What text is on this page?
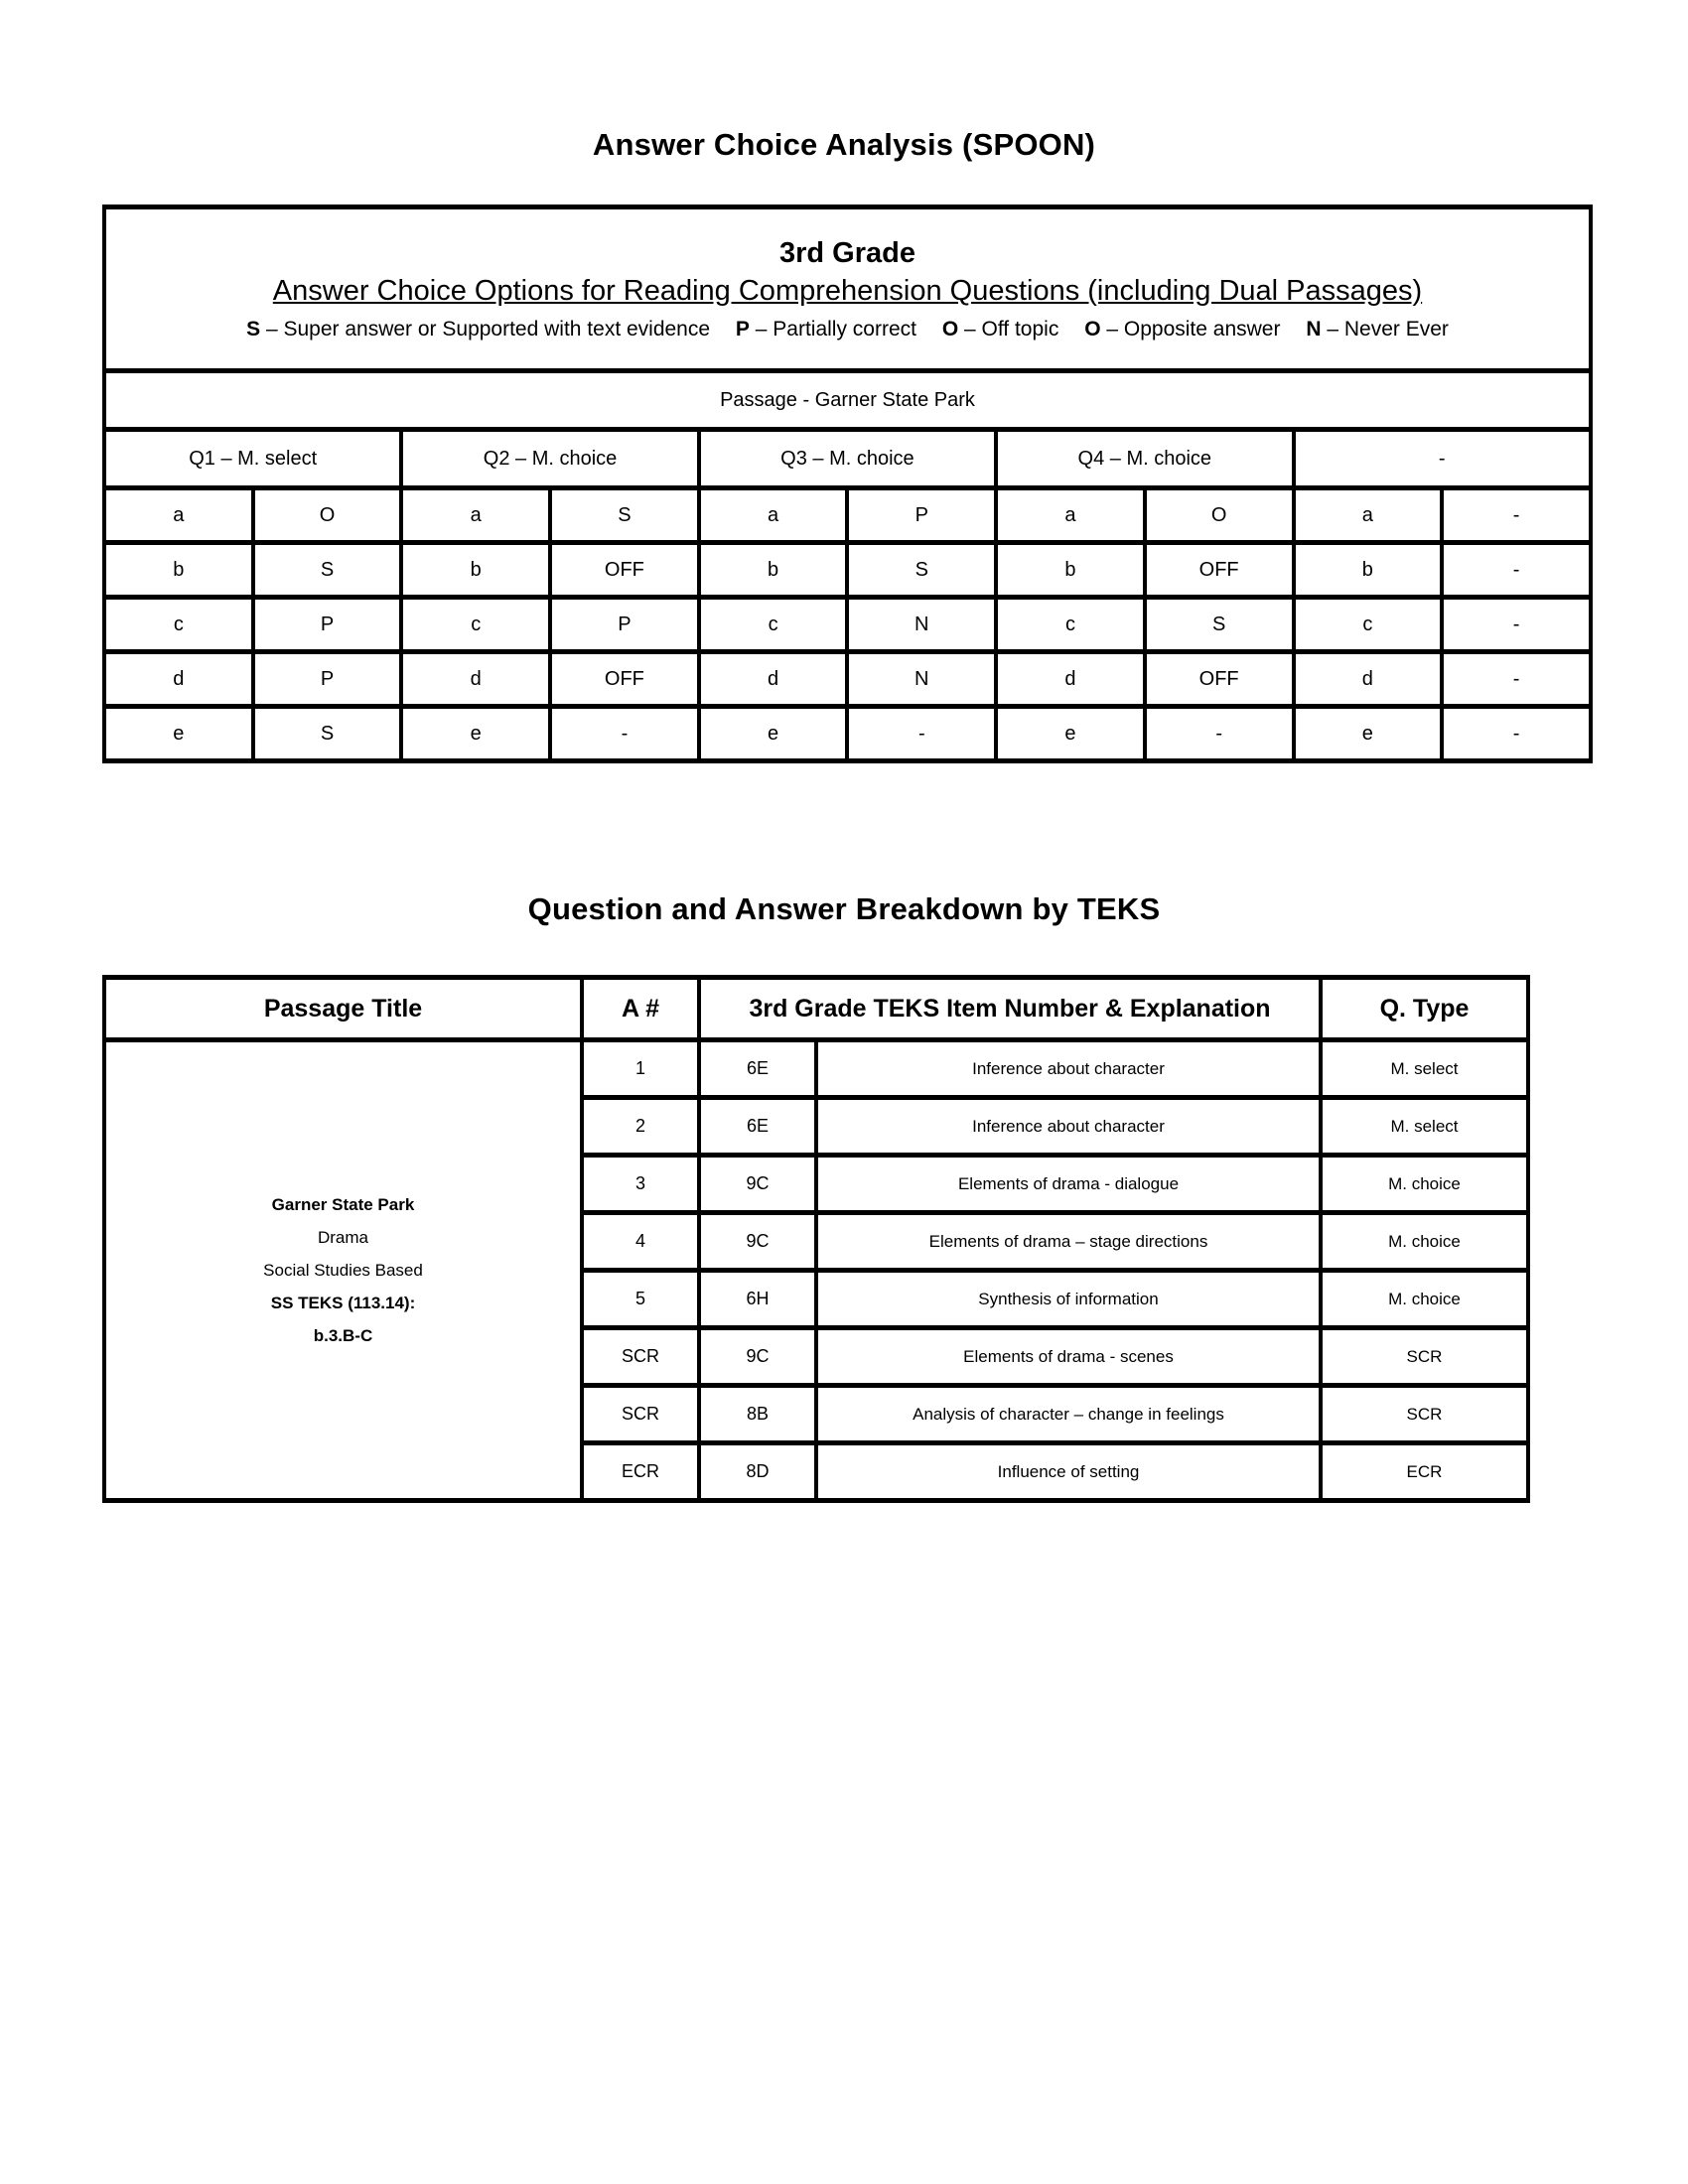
Answer Choice Analysis (SPOON)
3rd Grade
Answer Choice Options for Reading Comprehension Questions (including Dual Passages)
S – Super answer or Supported with text evidence P – Partially correct O – Off topic O – Opposite answer N – Never Ever									

Passage - Garner State Park									
Q1 – M. select		Q2 – M. choice		Q3 – M. choice		Q4 – M. choice		-	
a	O	a	S	a	P	a	O	a	-
b	S	b	OFF	b	S	b	OFF	b	-
c	P	c	P	c	N	c	S	c	-
d	P	d	OFF	d	N	d	OFF	d	-
e	S	e	-	e	-	e	-	e	-
Question and Answer Breakdown by TEKS
Passage Title	A #	3rd Grade TEKS Item Number & Explanation		Q. Type

Garner State Park
Drama
Social Studies Based
SS TEKS (113.14):
b.3.B-C	1	6E	Inference about character	M. select
	2	6E	Inference about character	M. select
	3	9C	Elements of drama - dialogue	M. choice
	4	9C	Elements of drama – stage directions	M. choice
	5	6H	Synthesis of information	M. choice
	SCR	9C	Elements of drama - scenes	SCR
	SCR	8B	Analysis of character – change in feelings	SCR
	ECR	8D	Influence of setting	ECR
